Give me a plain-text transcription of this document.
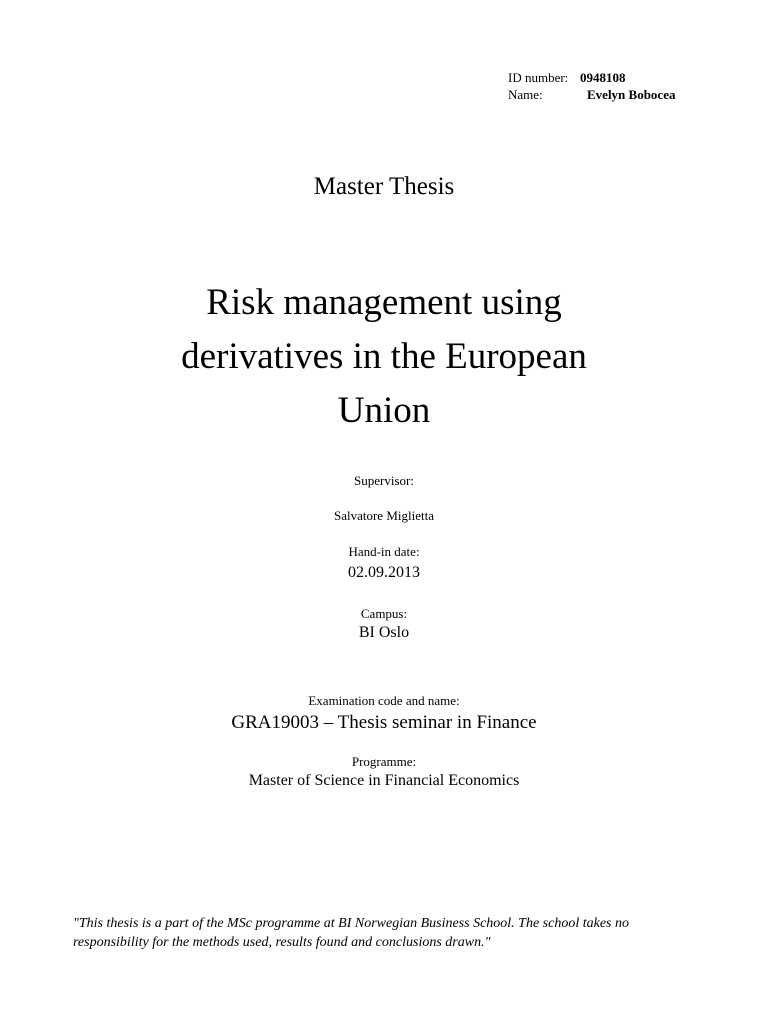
ID number: 0948108
Name:	Evelyn Bobocea
Master Thesis
Risk management using
derivatives in the European
Union
Supervisor:
Salvatore Miglietta
Hand-in date:
02.09.2013
Campus:
BI Oslo
Examination code and name:
GRA19003 – Thesis seminar in Finance
Programme:
Master of Science in Financial Economics
"This thesis is a part of the MSc programme at BI Norwegian Business School. The school takes no
responsibility for the methods used, results found and conclusions drawn."
